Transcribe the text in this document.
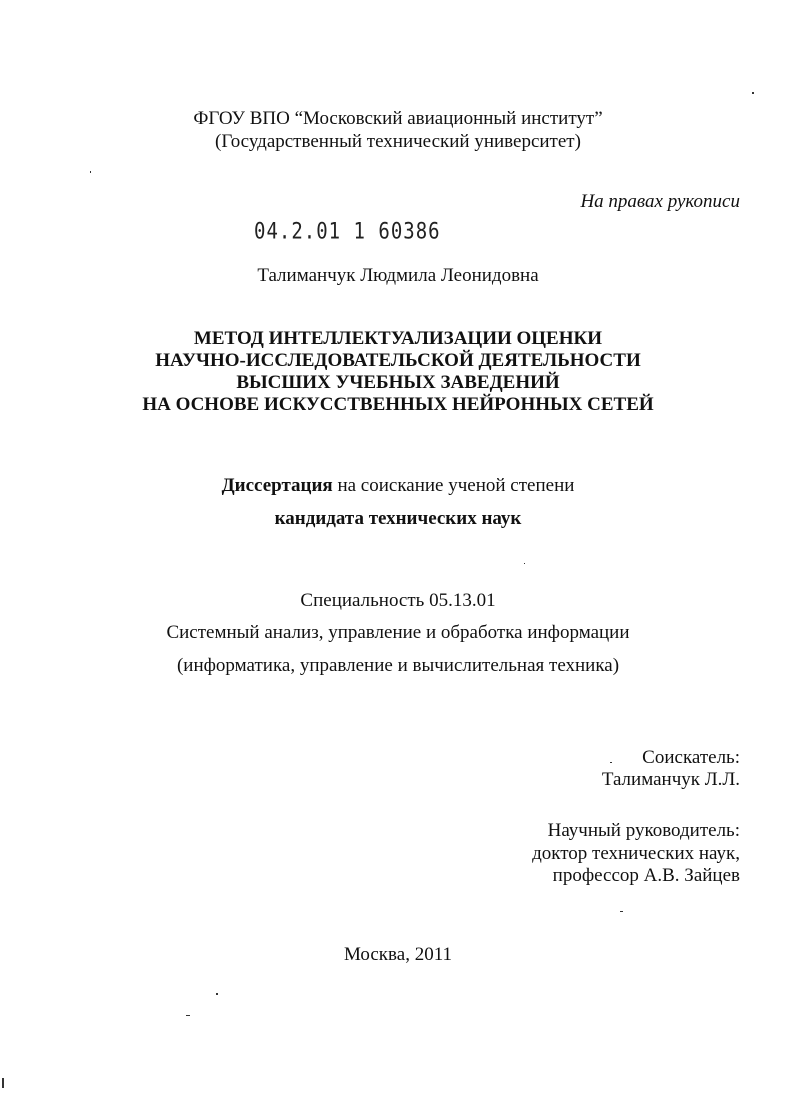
ФГОУ ВПО “Московский авиационный институт”
(Государственный технический университет)
На правах рукописи
04.2.01 1 60386
Талиманчук Людмила Леонидовна
МЕТОД ИНТЕЛЛЕКТУАЛИЗАЦИИ ОЦЕНКИ
НАУЧНО-ИССЛЕДОВАТЕЛЬСКОЙ ДЕЯТЕЛЬНОСТИ
ВЫСШИХ УЧЕБНЫХ ЗАВЕДЕНИЙ
НА ОСНОВЕ ИСКУССТВЕННЫХ НЕЙРОННЫХ СЕТЕЙ
Диссертация на соискание ученой степени
кандидата технических наук
Специальность 05.13.01
Системный анализ, управление и обработка информации
(информатика, управление и вычислительная техника)
Соискатель:
Талиманчук Л.Л.
Научный руководитель:
доктор технических наук,
профессор А.В. Зайцев
Москва, 2011
